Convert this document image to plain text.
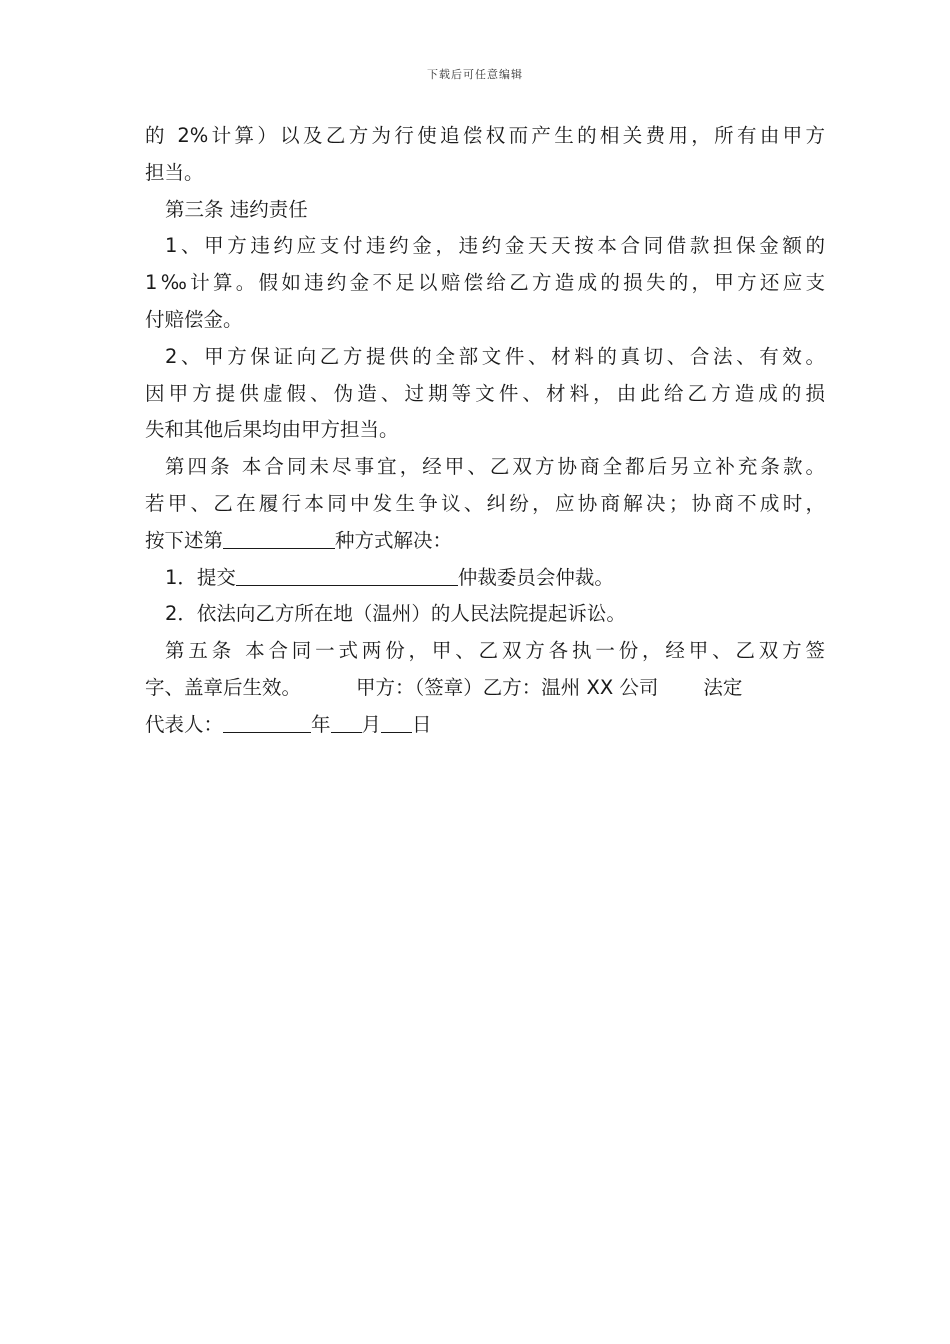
下载后可任意编辑
的 2%计算）以及乙方为行使追偿权而产生的相关费用，所有由甲方
担当。
第三条 违约责任
1、甲方违约应支付违约金，违约金天天按本合同借款担保金额的
1‰计算。假如违约金不足以赔偿给乙方造成的损失的，甲方还应支
付赔偿金。
2、甲方保证向乙方提供的全部文件、材料的真切、合法、有效。
因甲方提供虚假、伪造、过期等文件、材料，由此给乙方造成的损
失和其他后果均由甲方担当。
第四条 本合同未尽事宜，经甲、乙双方协商全都后另立补充条款。
若甲、乙在履行本同中发生争议、纠纷，应协商解决；协商不成时，
按下述第	种方式解决：
1．提交	仲裁委员会仲裁。
2．依法向乙方所在地（温州）的人民法院提起诉讼。
第五条 本合同一式两份，甲、乙双方各执一份，经甲、乙双方签
字、盖章后生效。	甲方：（签章）乙方：温州 XX 公司 法定
代表人：	年 月 日
